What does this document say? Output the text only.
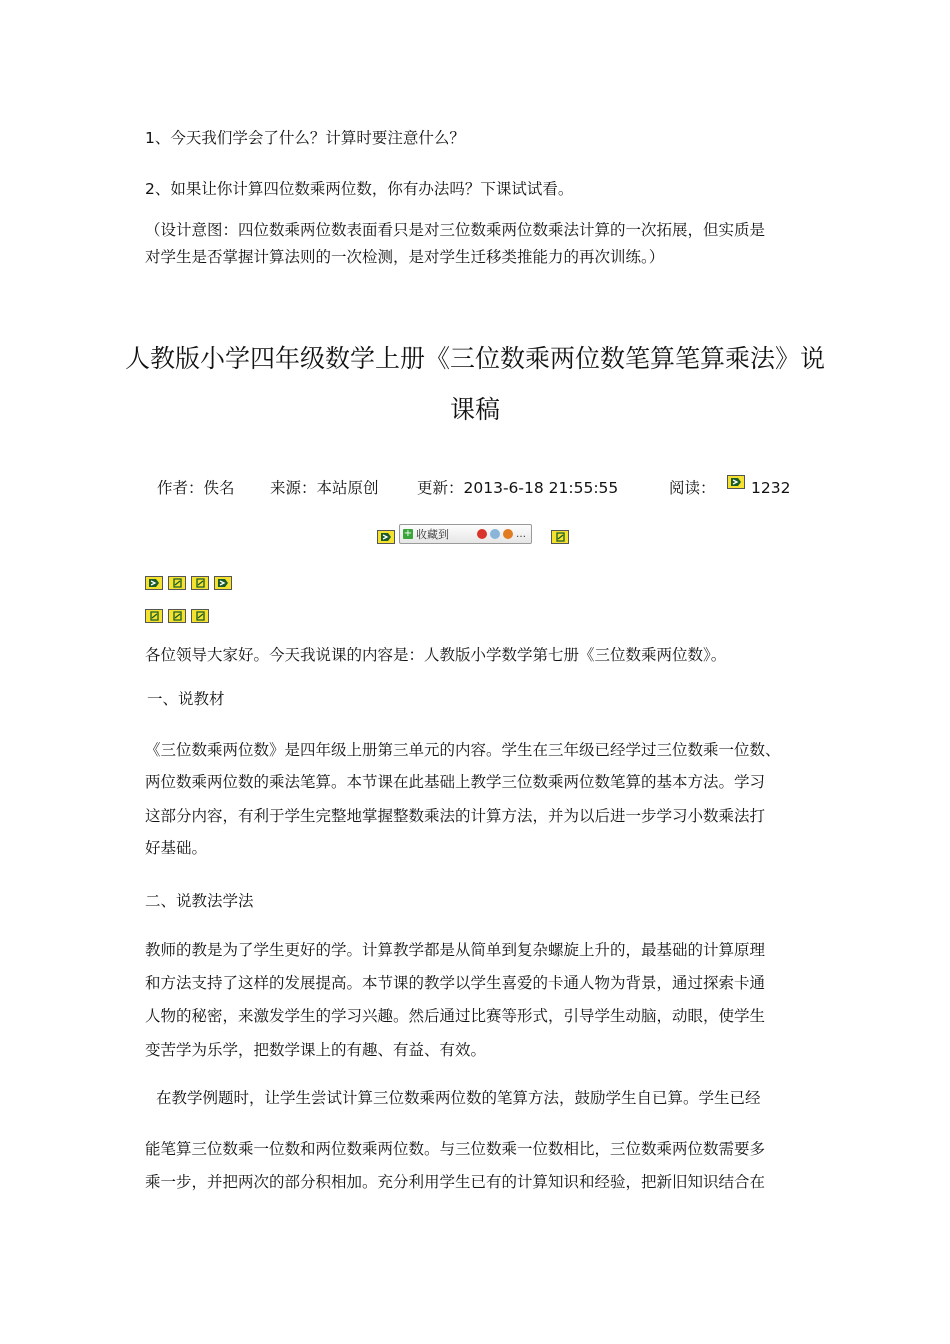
1、今天我们学会了什么？计算时要注意什么？
2、如果让你计算四位数乘两位数，你有办法吗？下课试试看。
（设计意图：四位数乘两位数表面看只是对三位数乘两位数乘法计算的一次拓展，但实质是
对学生是否掌握计算法则的一次检测，是对学生迁移类推能力的再次训练。）
人教版小学四年级数学上册《三位数乘两位数笔算笔算乘法》说
课稿
作者：佚名 来源：本站原创 更新：2013-6-18 21:55:55	阅读： 1232
+ 收藏到	…
各位领导大家好。今天我说课的内容是：人教版小学数学第七册《三位数乘两位数》。
一、说教材
《三位数乘两位数》是四年级上册第三单元的内容。学生在三年级已经学过三位数乘一位数、
两位数乘两位数的乘法笔算。本节课在此基础上教学三位数乘两位数笔算的基本方法。学习
这部分内容，有利于学生完整地掌握整数乘法的计算方法，并为以后进一步学习小数乘法打
好基础。
二、说教法学法
教师的教是为了学生更好的学。计算教学都是从简单到复杂螺旋上升的，最基础的计算原理
和方法支持了这样的发展提高。本节课的教学以学生喜爱的卡通人物为背景，通过探索卡通
人物的秘密，来激发学生的学习兴趣。然后通过比赛等形式，引导学生动脑，动眼，使学生
变苦学为乐学，把数学课上的有趣、有益、有效。
在教学例题时，让学生尝试计算三位数乘两位数的笔算方法，鼓励学生自已算。学生已经
能笔算三位数乘一位数和两位数乘两位数。与三位数乘一位数相比，三位数乘两位数需要多
乘一步，并把两次的部分积相加。充分利用学生已有的计算知识和经验，把新旧知识结合在
